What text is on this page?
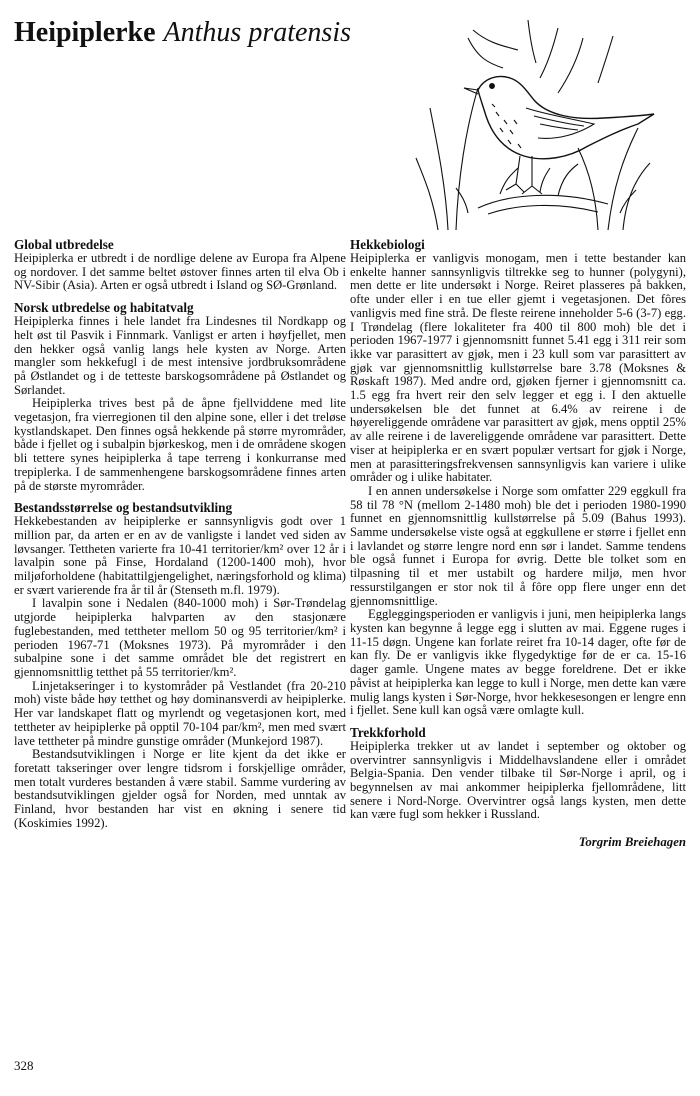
Heipiplerke Anthus pratensis
Global utbredelse

Heipiplerka er utbredt i de nordlige delene av Europa fra Alpene og nordover. I det samme beltet østover finnes arten til elva Ob i NV-Sibir (Asia). Arten er også utbredt i Island og SØ-Grønland.

Norsk utbredelse og habitatvalg

Heipiplerka finnes i hele landet fra Lindesnes til Nordkapp og helt øst til Pasvik i Finnmark. Vanligst er arten i høyfjellet, men den hekker også vanlig langs hele kysten av Norge. Arten mangler som hekkefugl i de mest intensive jordbruksområdene på Østlandet og i de tetteste barskogsområdene på Østlandet og Sørlandet.

Heipiplerka trives best på de åpne fjellviddene med lite vegetasjon, fra vierregionen til den alpine sone, eller i det treløse kystlandskapet. Den finnes også hekkende på større myrområder, både i fjellet og i subalpin bjørkeskog, men i de områdene skogen bli tettere synes heipiplerka å tape terreng i konkurranse med trepiplerka. I de sammenhengene barskogsområdene finnes arten på de største myrområder.

Bestandsstørrelse og bestandsutvikling

Hekkebestanden av heipiplerke er sannsynligvis godt over 1 million par, da arten er en av de vanligste i landet ved siden av løvsanger. Tettheten varierte fra 10-41 territorier/km² over 12 år i lavalpin sone på Finse, Hordaland (1200-1400 moh), hvor miljøforholdene (habitattilgjengelighet, næringsforhold og klima) er svært varierende fra år til år (Stenseth m.fl. 1979).

I lavalpin sone i Nedalen (840-1000 moh) i Sør-Trøndelag utgjorde heipiplerka halvparten av den stasjonære fuglebestanden, med tettheter mellom 50 og 95 territorier/km² i perioden 1967-71 (Moksnes 1973). På myrområder i den subalpine sone i det samme området ble det registrert en gjennomsnittlig tetthet på 55 territorier/km².

Linjetakseringer i to kystområder på Vestlandet (fra 20-210 moh) viste både høy tetthet og høy dominansverdi av heipiplerke. Her var landskapet flatt og myrlendt og vegetasjonen kort, med tettheter av heipiplerke på opptil 70-104 par/km², men med svært lave tettheter på mindre gunstige områder (Munkejord 1987).

Bestandsutviklingen i Norge er lite kjent da det ikke er foretatt takseringer over lengre tidsrom i forskjellige områder, men totalt vurderes bestanden å være stabil. Samme vurdering av bestandsutviklingen gjelder også for Norden, med unntak av Finland, hvor bestanden har vist en økning i senere tid (Koskimies 1992).

Hekkebiologi

Heipiplerka er vanligvis monogam, men i tette bestander kan enkelte hanner sannsynligvis tiltrekke seg to hunner (polygyni), men dette er lite undersøkt i Norge. Reiret plasseres på bakken, ofte under eller i en tue eller gjemt i vegetasjonen. Det fôres vanligvis med fine strå. De fleste reirene inneholder 5-6 (3-7) egg. I Trøndelag (flere lokaliteter fra 400 til 800 moh) ble det i perioden 1967-1977 i gjennomsnitt funnet 5.41 egg i 311 reir som ikke var parasittert av gjøk, men i 23 kull som var parasittert av gjøk var gjennomsnittlig kullstørrelse bare 3.78 (Moksnes & Røskaft 1987). Med andre ord, gjøken fjerner i gjennomsnitt ca. 1.5 egg fra hvert reir den selv legger et egg i. I den aktuelle undersøkelsen ble det funnet at 6.4% av reirene i de høyereliggende områdene var parasittert av gjøk, mens opptil 25% av alle reirene i de lavereliggende områdene var parasittert. Dette viser at heipiplerka er en svært populær vertsart for gjøk i Norge, men at parasitteringsfrekvensen sannsynligvis kan variere i ulike områder og i ulike habitater.

I en annen undersøkelse i Norge som omfatter 229 eggkull fra 58 til 78 °N (mellom 2-1480 moh) ble det i perioden 1980-1990 funnet en gjennomsnittlig kullstørrelse på 5.09 (Bahus 1993). Samme undersøkelse viste også at eggkullene er større i fjellet enn i lavlandet og større lengre nord enn sør i landet. Samme tendens ble også funnet i Europa for øvrig. Dette ble tolket som en tilpasning til et mer ustabilt og hardere miljø, men hvor ressurstilgangen er stor nok til å fôre opp flere unger enn det gjennomsnittlige.

Eggleggingsperioden er vanligvis i juni, men heipiplerka langs kysten kan begynne å legge egg i slutten av mai. Eggene ruges i 11-15 døgn. Ungene kan forlate reiret fra 10-14 dager, ofte før de kan fly. De er vanligvis ikke flygedyktige før de er ca. 15-16 dager gamle. Ungene mates av begge foreldrene. Det er ikke påvist at heipiplerka kan legge to kull i Norge, men dette kan være mulig langs kysten i Sør-Norge, hvor hekkesesongen er lengre enn i fjellet. Sene kull kan også være omlagte kull.

Trekkforhold

Heipiplerka trekker ut av landet i september og oktober og overvintrer sannsynligvis i Middelhavslandene eller i området Belgia-Spania. Den vender tilbake til Sør-Norge i april, og i begynnelsen av mai ankommer heipiplerka fjellområdene, litt senere i Nord-Norge. Overvintrer også langs kysten, men dette kan være fugl som hekker i Russland.

Torgrim Breiehagen
328
